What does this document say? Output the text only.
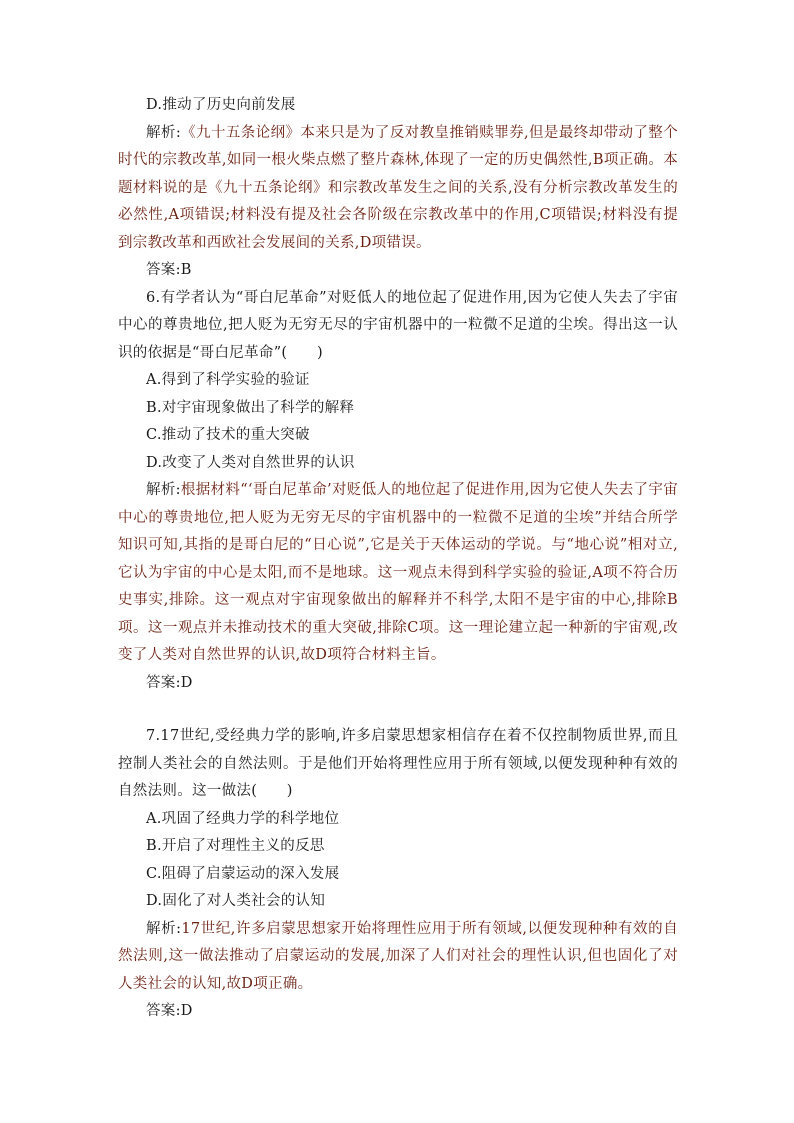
D.推动了历史向前发展

解析:《九十五条论纲》本来只是为了反对教皇推销赎罪券,但是最终却带动了整个时代的宗教改革,如同一根火柴点燃了整片森林,体现了一定的历史偶然性,B项正确。本题材料说的是《九十五条论纲》和宗教改革发生之间的关系,没有分析宗教改革发生的必然性,A项错误;材料没有提及社会各阶级在宗教改革中的作用,C项错误;材料没有提到宗教改革和西欧社会发展间的关系,D项错误。

答案:B

6.有学者认为“哥白尼革命”对贬低人的地位起了促进作用,因为它使人失去了宇宙中心的尊贵地位,把人贬为无穷无尽的宇宙机器中的一粒微不足道的尘埃。得出这一认识的依据是“哥白尼革命”(　　)

A.得到了科学实验的验证
B.对宇宙现象做出了科学的解释
C.推动了技术的重大突破
D.改变了人类对自然世界的认识

解析:根据材料“‘哥白尼革命’对贬低人的地位起了促进作用,因为它使人失去了宇宙中心的尊贵地位,把人贬为无穷无尽的宇宙机器中的一粒微不足道的尘埃”并结合所学知识可知,其指的是哥白尼的“日心说”,它是关于天体运动的学说。与“地心说”相对立,它认为宇宙的中心是太阳,而不是地球。这一观点未得到科学实验的验证,A项不符合历史事实,排除。这一观点对宇宙现象做出的解释并不科学,太阳不是宇宙的中心,排除B项。这一观点并未推动技术的重大突破,排除C项。这一理论建立起一种新的宇宙观,改变了人类对自然世界的认识,故D项符合材料主旨。

答案:D

7.17世纪,受经典力学的影响,许多启蒙思想家相信存在着不仅控制物质世界,而且控制人类社会的自然法则。于是他们开始将理性应用于所有领域,以便发现种种有效的自然法则。这一做法(　　)

A.巩固了经典力学的科学地位
B.开启了对理性主义的反思
C.阻碍了启蒙运动的深入发展
D.固化了对人类社会的认知

解析:17世纪,许多启蒙思想家开始将理性应用于所有领域,以便发现种种有效的自然法则,这一做法推动了启蒙运动的发展,加深了人们对社会的理性认识,但也固化了对人类社会的认知,故D项正确。

答案:D
